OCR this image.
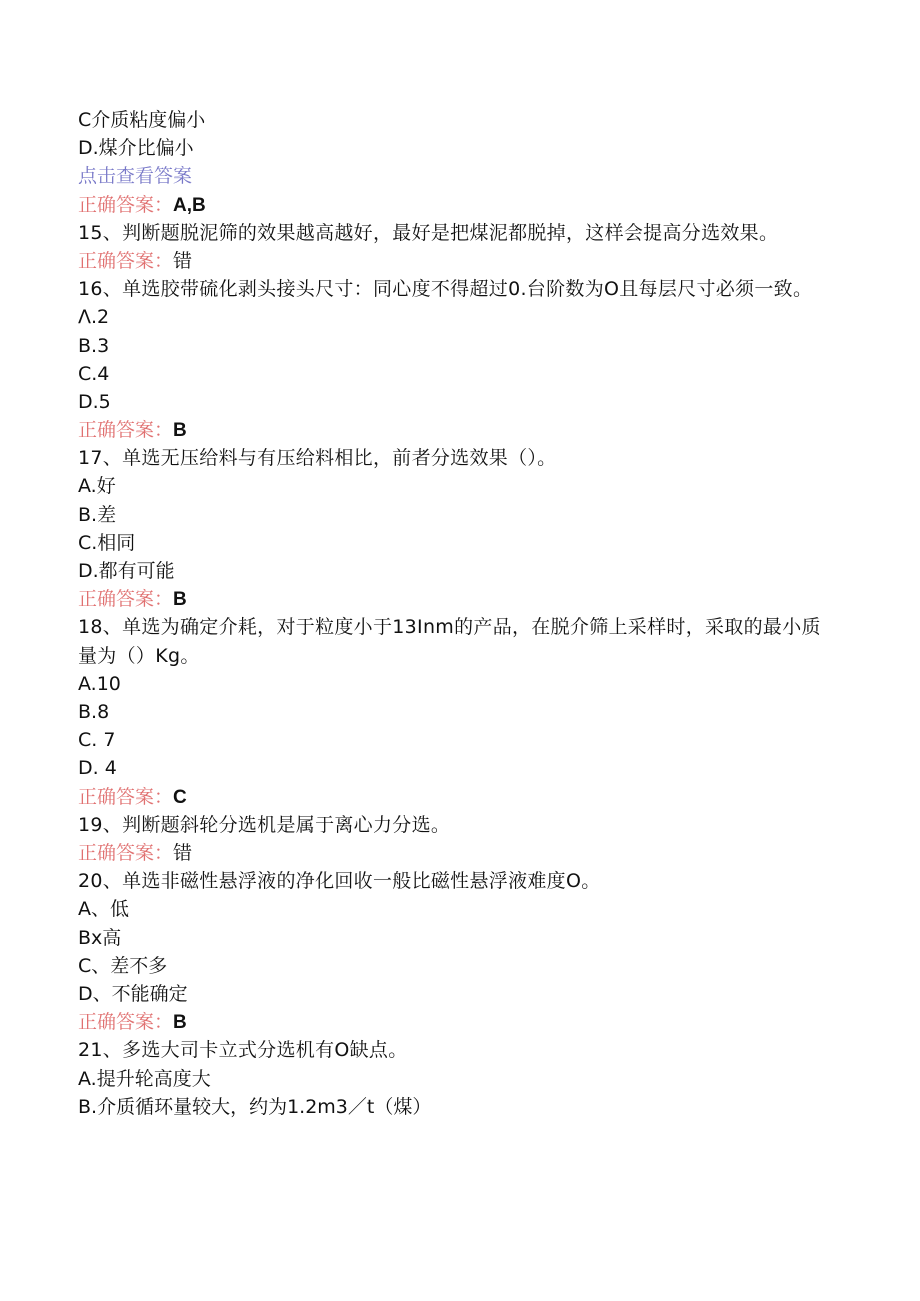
C介质粘度偏小
D.煤介比偏小
点击查看答案
正确答案：A,B
15、判断题脱泥筛的效果越高越好，最好是把煤泥都脱掉，这样会提高分选效果。
正确答案：错
16、单选胶带硫化剥头接头尺寸：同心度不得超过0.台阶数为O且每层尺寸必须一致。
Λ.2
B.3
C.4
D.5
正确答案：B
17、单选无压给料与有压给料相比，前者分选效果（）。
A.好
B.差
C.相同
D.都有可能
正确答案：B
18、单选为确定介耗，对于粒度小于13Inm的产品，在脱介筛上采样时，采取的最小质量为（）Kg。
A.10
B.8
C. 7
D. 4
正确答案：C
19、判断题斜轮分选机是属于离心力分选。
正确答案：错
20、单选非磁性悬浮液的净化回收一般比磁性悬浮液难度O。
A、低
Bx高
C、差不多
D、不能确定
正确答案：B
21、多选大司卡立式分选机有O缺点。
A.提升轮高度大
B.介质循环量较大，约为1.2m3／t（煤）
